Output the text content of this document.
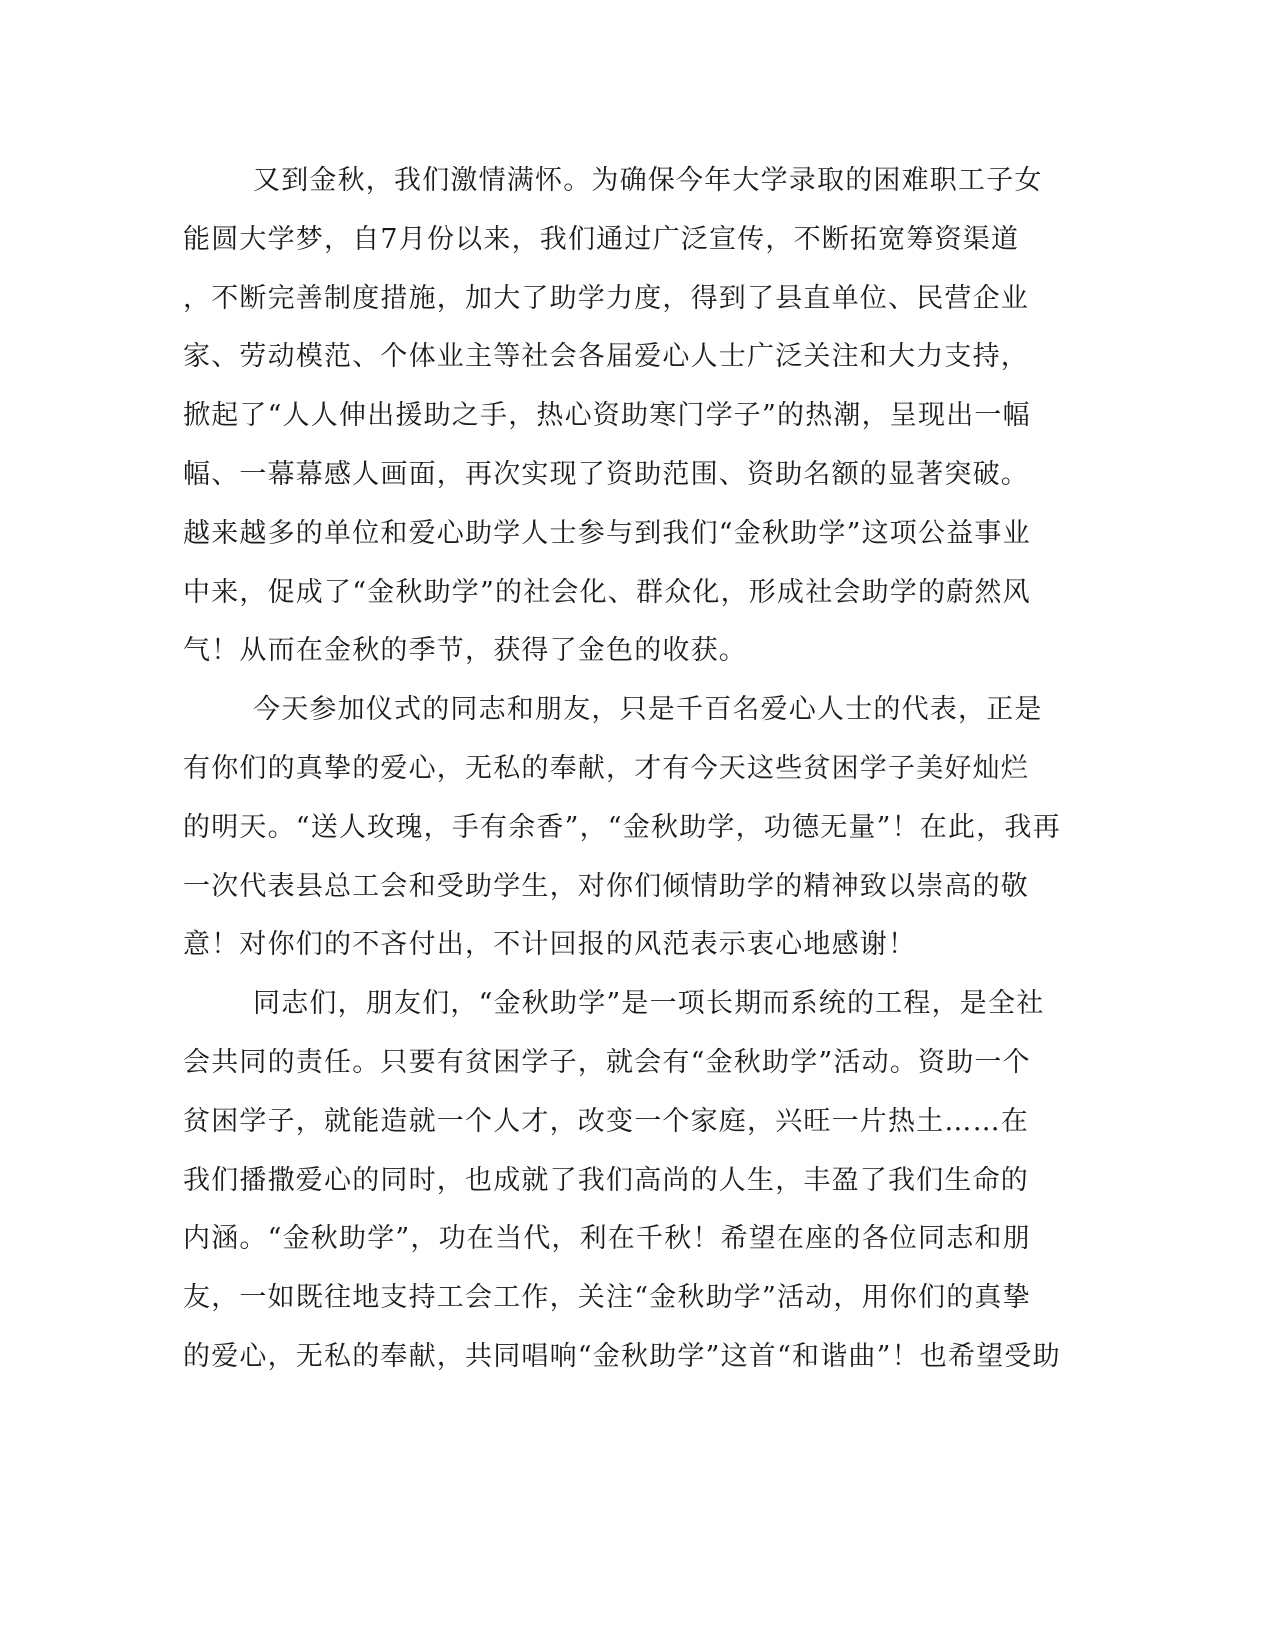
又到金秋，我们激情满怀。为确保今年大学录取的困难职工子女
能圆大学梦，自7月份以来，我们通过广泛宣传，不断拓宽筹资渠道
，不断完善制度措施，加大了助学力度，得到了县直单位、民营企业
家、劳动模范、个体业主等社会各届爱心人士广泛关注和大力支持，
掀起了“人人伸出援助之手，热心资助寒门学子”的热潮，呈现出一幅
幅、一幕幕感人画面，再次实现了资助范围、资助名额的显著突破。
越来越多的单位和爱心助学人士参与到我们“金秋助学”这项公益事业
中来，促成了“金秋助学”的社会化、群众化，形成社会助学的蔚然风
气！从而在金秋的季节，获得了金色的收获。
今天参加仪式的同志和朋友，只是千百名爱心人士的代表，正是
有你们的真挚的爱心，无私的奉献，才有今天这些贫困学子美好灿烂
的明天。“送人玫瑰，手有余香”，“金秋助学，功德无量”！在此，我再
一次代表县总工会和受助学生，对你们倾情助学的精神致以崇高的敬
意！对你们的不吝付出，不计回报的风范表示衷心地感谢！
同志们，朋友们，“金秋助学”是一项长期而系统的工程，是全社
会共同的责任。只要有贫困学子，就会有“金秋助学”活动。资助一个
贫困学子，就能造就一个人才，改变一个家庭，兴旺一片热土……在
我们播撒爱心的同时，也成就了我们高尚的人生，丰盈了我们生命的
内涵。“金秋助学”，功在当代，利在千秋！希望在座的各位同志和朋
友，一如既往地支持工会工作，关注“金秋助学”活动，用你们的真挚
的爱心，无私的奉献，共同唱响“金秋助学”这首“和谐曲”！也希望受助
